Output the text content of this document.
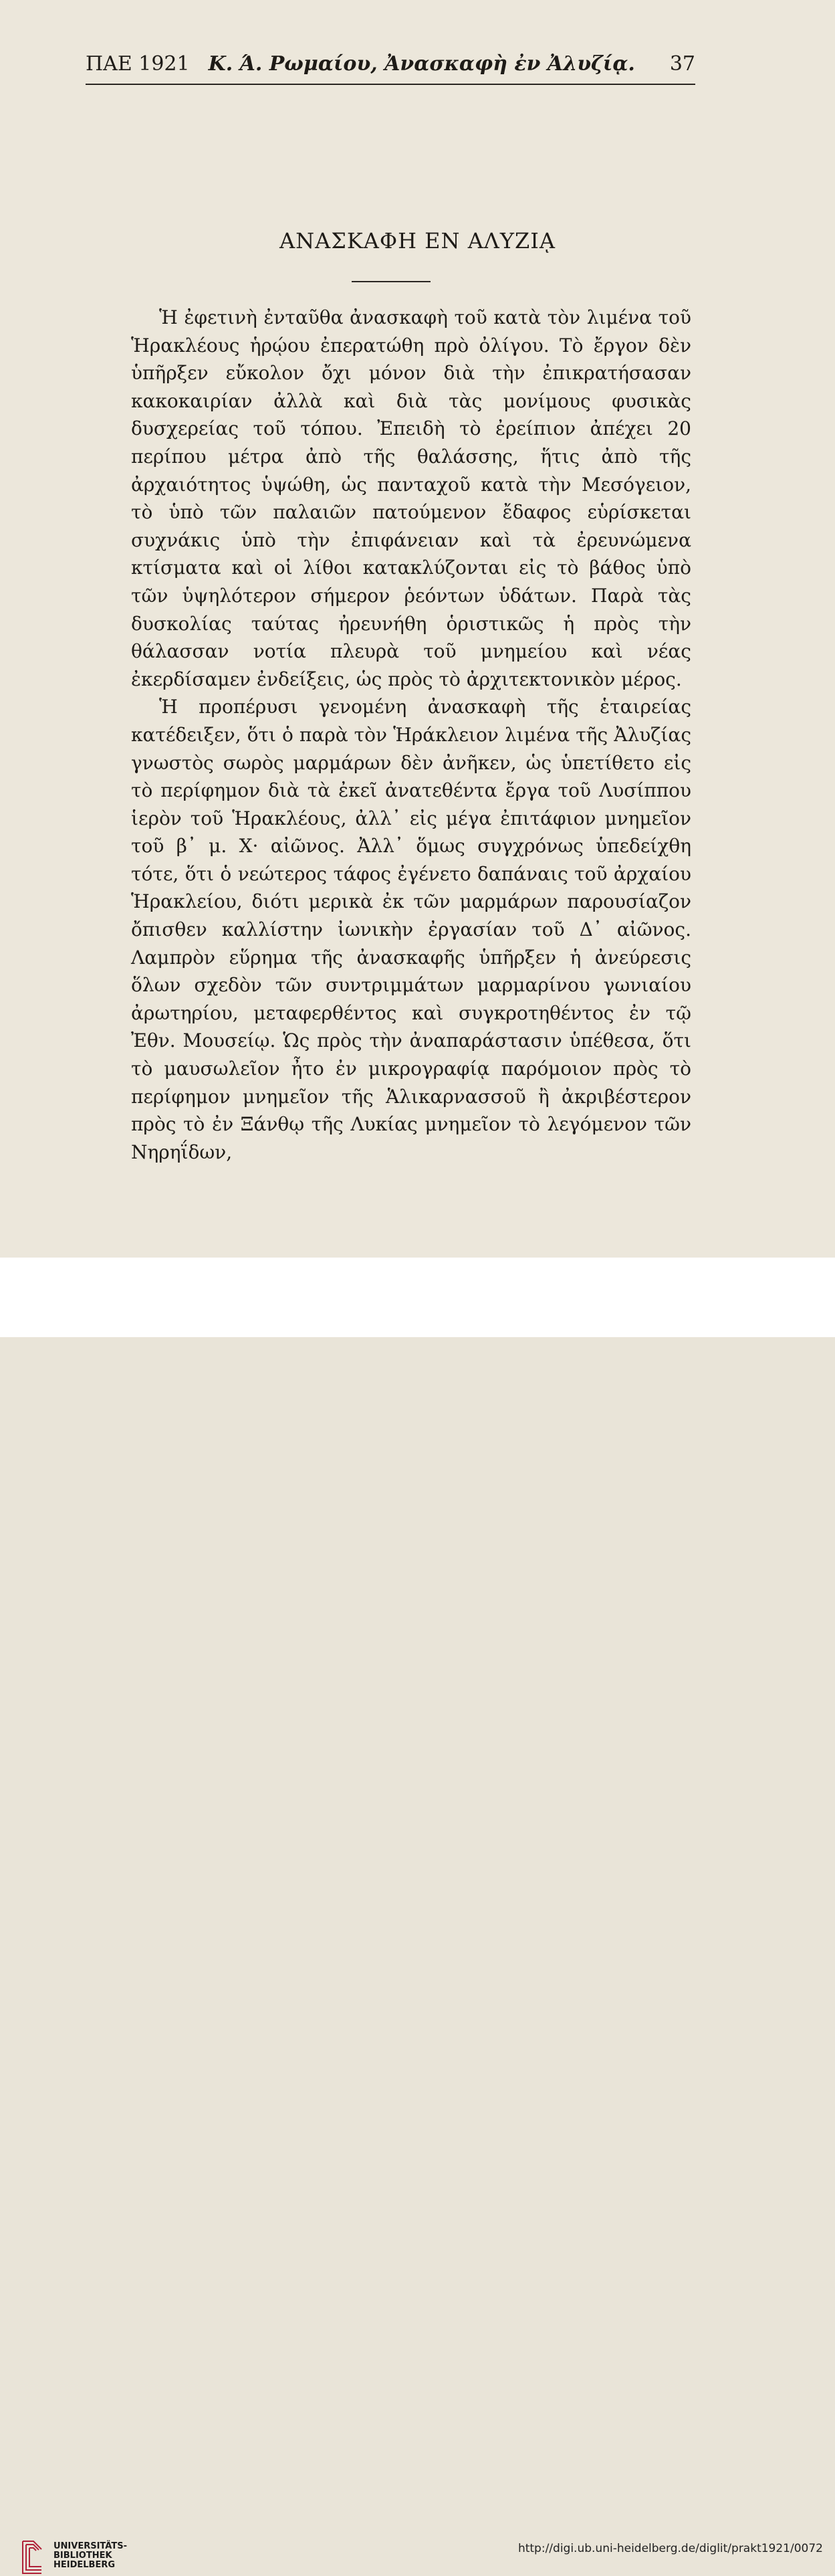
ΠΑΕ 1921 Κ. Ά. Ρωμαίου, Ἀνασκαφὴ ἐν Ἀλυζίᾳ. 37
ΑΝΑΣΚΑΦΗ ΕΝ ΑΛΥΖΙᾼ

Ἡ ἐφετινὴ ἐνταῦθα ἀνασκαφὴ τοῦ κατὰ τὸν λιμένα τοῦ Ἡρακλέους ἡρῴου ἐπερατώθη πρὸ ὀλίγου. Τὸ ἔργον δὲν ὑπῆρξεν εὔκολον ὄχι μόνον διὰ τὴν ἐπικρατήσασαν κακοκαιρίαν ἀλλὰ καὶ διὰ τὰς μονίμους φυσικὰς δυσχερείας τοῦ τόπου. Ἐπειδὴ τὸ ἐρείπιον ἀπέχει 20 περίπου μέτρα ἀπὸ τῆς θαλάσσης, ἥτις ἀπὸ τῆς ἀρχαιότητος ὑψώθη, ὡς πανταχοῦ κατὰ τὴν Μεσόγειον, τὸ ὑπὸ τῶν παλαιῶν πατούμενον ἔδαφος εὑρίσκεται συχνάκις ὑπὸ τὴν ἐπιφάνειαν καὶ τὰ ἐρευνώμενα κτίσματα καὶ οἱ λίθοι κατακλύζονται εἰς τὸ βάθος ὑπὸ τῶν ὑψηλότερον σήμερον ῥεόντων ὑδάτων. Παρὰ τὰς δυσκολίας ταύτας ἠρευνήθη ὁριστικῶς ἡ πρὸς τὴν θάλασσαν νοτία πλευρὰ τοῦ μνημείου καὶ νέας ἐκερδίσαμεν ἐνδείξεις, ὡς πρὸς τὸ ἀρχιτεκτονικὸν μέρος.

Ἡ προπέρυσι γενομένη ἀνασκαφὴ τῆς ἑταιρείας κατέδειξεν, ὅτι ὁ παρὰ τὸν Ἡράκλειον λιμένα τῆς Ἀλυζίας γνωστὸς σωρὸς μαρμάρων δὲν ἀνῆκεν, ὡς ὑπετίθετο εἰς τὸ περίφημον διὰ τὰ ἐκεῖ ἀνατεθέντα ἔργα τοῦ Λυσίππου ἱερὸν τοῦ Ἡρακλέους, ἀλλ᾽ εἰς μέγα ἐπιτάφιον μνημεῖον τοῦ β᾽ μ. Χ· αἰῶνος. Ἀλλ᾽ ὅμως συγχρόνως ὑπεδείχθη τότε, ὅτι ὁ νεώτερος τάφος ἐγένετο δαπάναις τοῦ ἀρχαίου Ἡρακλείου, διότι μερικὰ ἐκ τῶν μαρμάρων παρουσίαζον ὄπισθεν καλλίστην ἰωνικὴν ἐργασίαν τοῦ Δ᾽ αἰῶνος. Λαμπρὸν εὕρημα τῆς ἀνασκαφῆς ὑπῆρξεν ἡ ἀνεύρεσις ὅλων σχεδὸν τῶν συντριμμάτων μαρμαρίνου γωνιαίου ἀρωτηρίου, μεταφερθέντος καὶ συγκροτηθέντος ἐν τῷ Ἐθν. Μουσείῳ. Ὡς πρὸς τὴν ἀναπαράστασιν ὑπέθεσα, ὅτι τὸ μαυσωλεῖον ἦτο ἐν μικρογραφίᾳ παρόμοιον πρὸς τὸ περίφημον μνημεῖον τῆς Ἁλικαρνασσοῦ ἢ ἀκριβέστερον πρὸς τὸ ἐν Ξάνθῳ τῆς Λυκίας μνημεῖον τὸ λεγόμενον τῶν Νηρηΐδων,

UNIVERSITÄTS-
BIBLIOTHEK
HEIDELBERG
http://digi.ub.uni-heidelberg.de/diglit/prakt1921/0072
